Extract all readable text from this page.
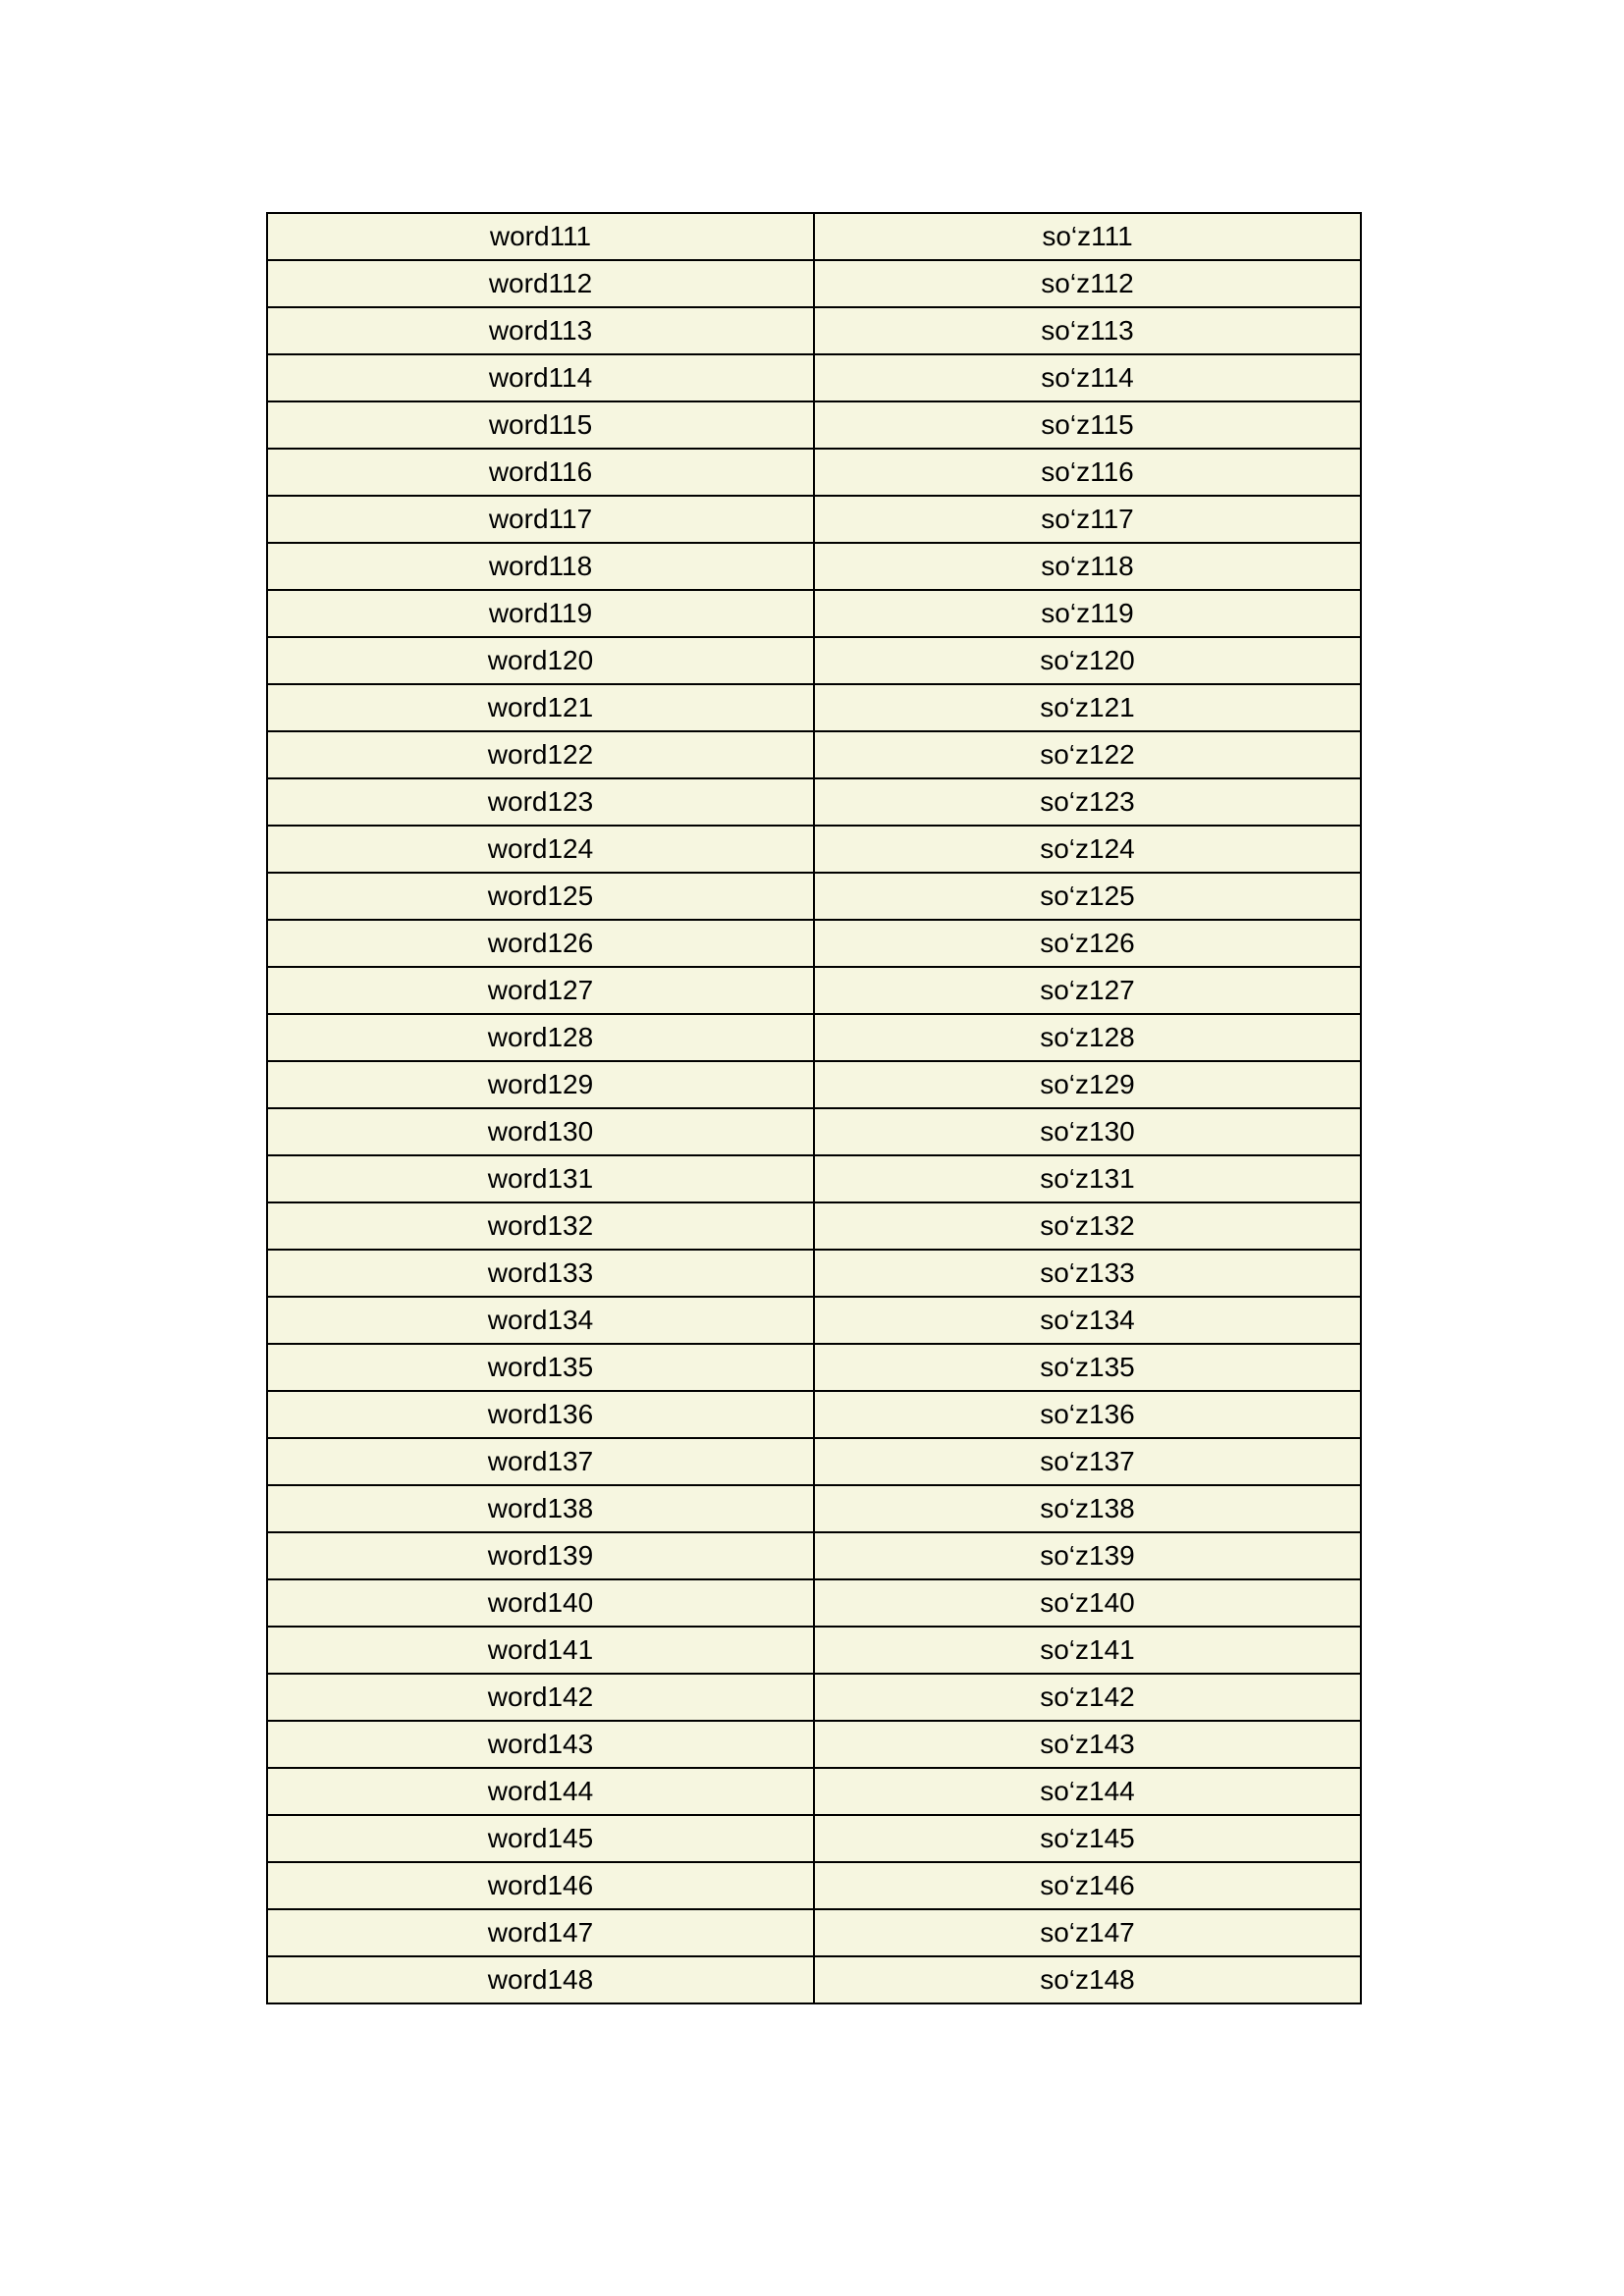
word111	so‘z111
word112	so‘z112
word113	so‘z113
word114	so‘z114
word115	so‘z115
word116	so‘z116
word117	so‘z117
word118	so‘z118
word119	so‘z119
word120	so‘z120
word121	so‘z121
word122	so‘z122
word123	so‘z123
word124	so‘z124
word125	so‘z125
word126	so‘z126
word127	so‘z127
word128	so‘z128
word129	so‘z129
word130	so‘z130
word131	so‘z131
word132	so‘z132
word133	so‘z133
word134	so‘z134
word135	so‘z135
word136	so‘z136
word137	so‘z137
word138	so‘z138
word139	so‘z139
word140	so‘z140
word141	so‘z141
word142	so‘z142
word143	so‘z143
word144	so‘z144
word145	so‘z145
word146	so‘z146
word147	so‘z147
word148	so‘z148
